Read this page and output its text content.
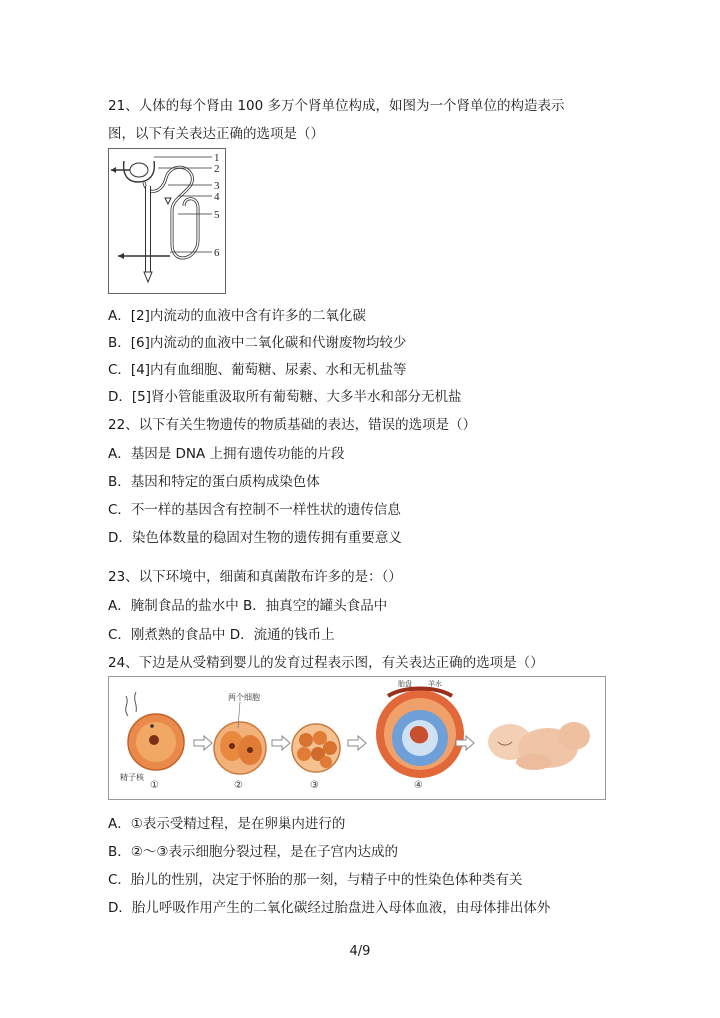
21、人体的每个肾由 100 多万个肾单位构成，如图为一个肾单位的构造表示
图，以下有关表达正确的选项是（）
1
2
3
4
5
6
A．[2]内流动的血液中含有许多的二氧化碳
B．[6]内流动的血液中二氧化碳和代谢废物均较少
C．[4]内有血细胞、葡萄糖、尿素、水和无机盐等
D．[5]肾小管能重汲取所有葡萄糖、大多半水和部分无机盐
22、以下有关生物遗传的物质基础的表达，错误的选项是（）
A．基因是 DNA 上拥有遗传功能的片段
B．基因和特定的蛋白质构成染色体
C．不一样的基因含有控制不一样性状的遗传信息
D．染色体数量的稳固对生物的遗传拥有重要意义
23、以下环境中，细菌和真菌散布许多的是：（）
A．腌制食品的盐水中 B．抽真空的罐头食品中
C．刚煮熟的食品中 D．流通的钱币上
24、下边是从受精到婴儿的发育过程表示图，有关表达正确的选项是（）
精子核
①
两个细胞
②	③
胎盘 羊水
④
A．①表示受精过程，是在卵巢内进行的
B．②～③表示细胞分裂过程，是在子宫内达成的
C．胎儿的性别，决定于怀胎的那一刻，与精子中的性染色体种类有关
D．胎儿呼吸作用产生的二氧化碳经过胎盘进入母体血液，由母体排出体外
4/9
